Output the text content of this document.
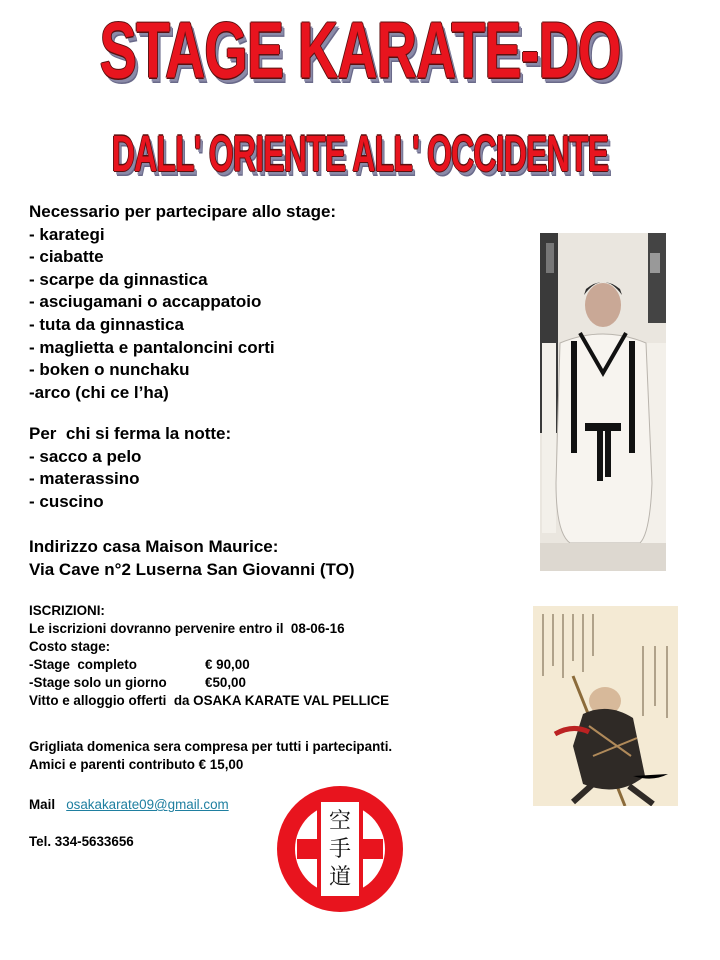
STAGE KARATE-DO
DALL' ORIENTE ALL' OCCIDENTE

Necessario per partecipare allo stage:

- karategi

- ciabatte

- scarpe da ginnastica

- asciugamani o accappatoio

- tuta da ginnastica

- maglietta e pantaloncini corti

- boken o nunchaku

-arco (chi ce l’ha)

Per  chi si ferma la notte:

- sacco a pelo

- materassino

- cuscino

Indirizzo casa Maison Maurice:

Via Cave n°2 Luserna San Giovanni (TO)

ISCRIZIONI:

Le iscrizioni dovranno pervenire entro il  08-06-16

Costo stage:

-Stage  completo	€ 90,00

-Stage solo un giorno	€50,00

Vitto e alloggio offerti  da OSAKA KARATE VAL PELLICE

Grigliata domenica sera compresa per tutti i partecipanti.

Amici e parenti contributo € 15,00

Mail osakakarate09@gmail.com
Tel. 334-5633656
空
手
道
